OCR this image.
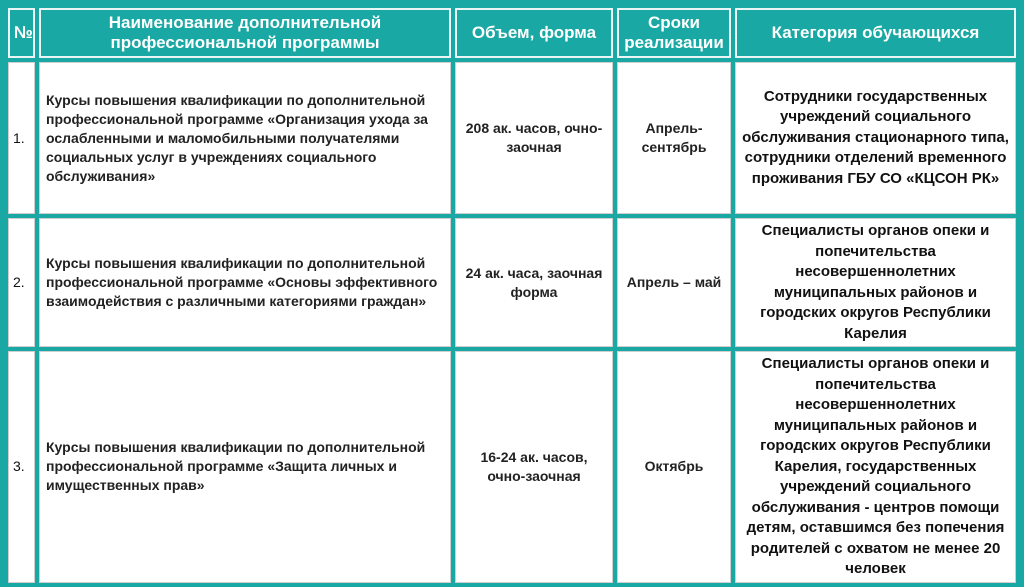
№	Наименование дополнительной профессиональной программы	Объем, форма	Сроки реализации	Категория обучающихся
1.	Курсы повышения квалификации по дополнительной профессиональной программе «Организация ухода за ослабленными и маломобильными получателями социальных услуг в учреждениях социального обслуживания»	208 ак. часов, очно-заочная	Апрель-сентябрь	Сотрудники государственных учреждений социального обслуживания стационарного типа, сотрудники отделений временного проживания ГБУ СО «КЦСОН РК»
2.	Курсы повышения квалификации по дополнительной профессиональной программе «Основы эффективного взаимодействия с различными категориями граждан»	24 ак. часа, заочная форма	Апрель – май	Специалисты органов опеки и попечительства несовершеннолетних муниципальных районов и городских округов Республики Карелия
3.	Курсы повышения квалификации по дополнительной профессиональной программе «Защита личных и имущественных прав»	16-24 ак. часов, очно-заочная	Октябрь	Специалисты органов опеки и попечительства несовершеннолетних муниципальных районов и городских округов Республики Карелия, государственных учреждений социального обслуживания - центров помощи детям, оставшимся без попечения родителей с охватом не менее 20 человек
